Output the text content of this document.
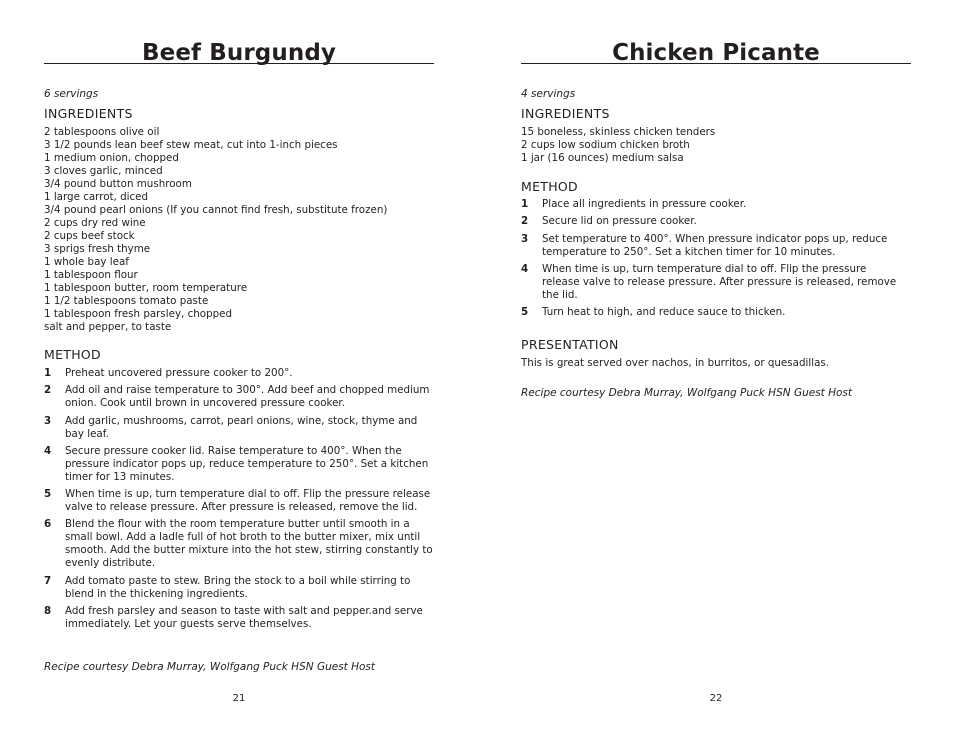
Beef Burgundy
6 servings
INGREDIENTS
2 tablespoons olive oil
3 1/2 pounds lean beef stew meat, cut into 1-inch pieces
1 medium onion, chopped
3 cloves garlic, minced
3/4 pound button mushroom
1 large carrot, diced
3/4 pound pearl onions (If you cannot find fresh, substitute frozen)
2 cups dry red wine
2 cups beef stock
3 sprigs fresh thyme
1 whole bay leaf
1 tablespoon flour
1 tablespoon butter, room temperature
1 1/2 tablespoons tomato paste
1 tablespoon fresh parsley, chopped
salt and pepper, to taste
METHOD
1 Preheat uncovered pressure cooker to 200°.
2 Add oil and raise temperature to 300°. Add beef and chopped medium onion. Cook until brown in uncovered pressure cooker.
3 Add garlic, mushrooms, carrot, pearl onions, wine, stock, thyme and bay leaf.
4 Secure pressure cooker lid. Raise temperature to 400°. When the pressure indicator pops up, reduce temperature to 250°. Set a kitchen timer for 13 minutes.
5 When time is up, turn temperature dial to off. Flip the pressure release valve to release pressure. After pressure is released, remove the lid.
6 Blend the flour with the room temperature butter until smooth in a small bowl. Add a ladle full of hot broth to the butter mixer, mix until smooth. Add the butter mixture into the hot stew, stirring constantly to evenly distribute.
7 Add tomato paste to stew. Bring the stock to a boil while stirring to blend in the thickening ingredients.
8 Add fresh parsley and season to taste with salt and pepper.and serve immediately. Let your guests serve themselves.
Recipe courtesy Debra Murray, Wolfgang Puck HSN Guest Host
21
Chicken Picante
4 servings
INGREDIENTS
15 boneless, skinless chicken tenders
2 cups low sodium chicken broth
1 jar (16 ounces) medium salsa
METHOD
1 Place all ingredients in pressure cooker.
2 Secure lid on pressure cooker.
3 Set temperature to 400°. When pressure indicator pops up, reduce temperature to 250°. Set a kitchen timer for 10 minutes.
4 When time is up, turn temperature dial to off. Flip the pressure release valve to release pressure. After pressure is released, remove the lid.
5 Turn heat to high, and reduce sauce to thicken.
PRESENTATION
This is great served over nachos, in burritos, or quesadillas.
Recipe courtesy Debra Murray, Wolfgang Puck HSN Guest Host
22
